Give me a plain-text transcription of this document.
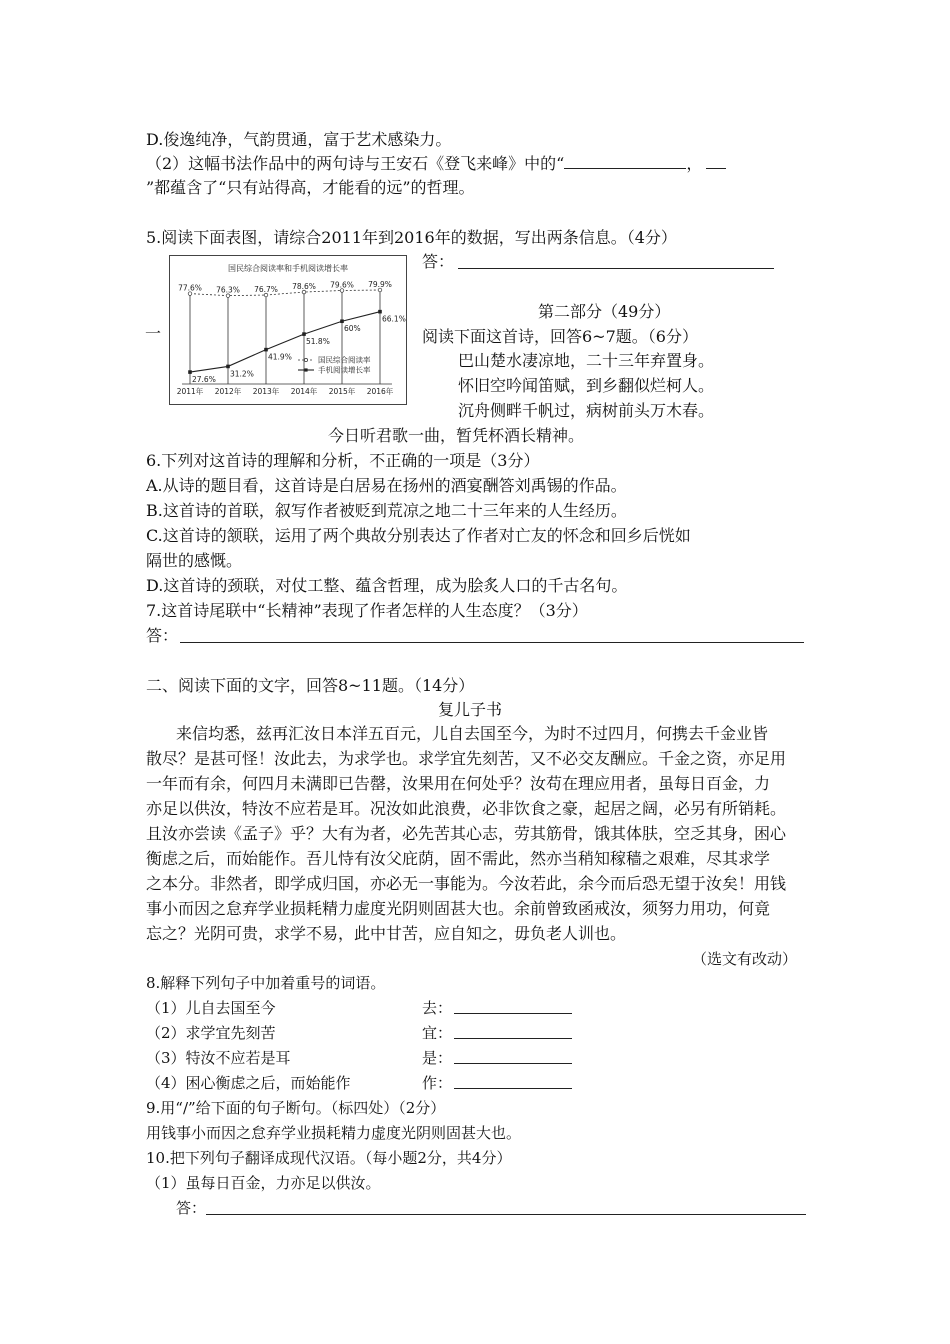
D.俊逸纯净，气韵贯通，富于艺术感染力。
（2）这幅书法作品中的两句诗与王安石《登飞来峰》中的“	，
”都蕴含了“只有站得高，才能看的远”的哲理。
5.阅读下面表图，请综合2011年到2016年的数据，写出两条信息。（4分）
答：
国民综合阅读率和手机阅读增长率
2011年 2012年 2013年 2014年 2015年 2016年
77.6% 76.3% 76.7% 78.6% 79.6% 79.9%
27.6%
31.2%
41.9%
51.8%
60%
66.1%
国民综合阅读率
手机阅读增长率
一
第二部分（49分）
阅读下面这首诗，回答6~7题。（6分）
巴山楚水凄凉地，二十三年弃置身。
怀旧空吟闻笛赋，到乡翻似烂柯人。
沉舟侧畔千帆过，病树前头万木春。
今日听君歌一曲，暂凭杯酒长精神。
6.下列对这首诗的理解和分析，不正确的一项是（3分）
A.从诗的题目看，这首诗是白居易在扬州的酒宴酬答刘禹锡的作品。
B.这首诗的首联，叙写作者被贬到荒凉之地二十三年来的人生经历。
C.这首诗的颔联，运用了两个典故分别表达了作者对亡友的怀念和回乡后恍如
隔世的感慨。
D.这首诗的颈联，对仗工整、蕴含哲理，成为脍炙人口的千古名句。
7.这首诗尾联中“长精神”表现了作者怎样的人生态度？（3分）
答：
二、阅读下面的文字，回答8~11题。（14分）
复儿子书
来信均悉，兹再汇汝日本洋五百元，儿自去国至今，为时不过四月，何携去千金业皆
散尽？是甚可怪！汝此去，为求学也。求学宜先刻苦，又不必交友酬应。千金之资，亦足用
一年而有余，何四月未满即已告罄，汝果用在何处乎？汝苟在理应用者，虽每日百金，力
亦足以供汝，特汝不应若是耳。况汝如此浪费，必非饮食之豪，起居之阔，必另有所销耗。
且汝亦尝读《孟子》乎？大有为者，必先苦其心志，劳其筋骨，饿其体肤，空乏其身，困心
衡虑之后，而始能作。吾儿恃有汝父庇荫，固不需此，然亦当稍知稼穑之艰难，尽其求学
之本分。非然者，即学成归国，亦必无一事能为。今汝若此，余今而后恐无望于汝矣！用钱
事小而因之怠弃学业损耗精力虚度光阴则固甚大也。余前曾致函戒汝，须努力用功，何竟
忘之？光阴可贵，求学不易，此中甘苦，应自知之，毋负老人训也。
（选文有改动）
8.解释下列句子中加着重号的词语。
（1）儿自去国至今	去：
（2）求学宜先刻苦	宜：
（3）特汝不应若是耳	是：
（4）困心衡虑之后，而始能作	作：
9.用“/”给下面的句子断句。（标四处）（2分）
用钱事小而因之怠弃学业损耗精力虚度光阴则固甚大也。
10.把下列句子翻译成现代汉语。（每小题2分，共4分）
（1）虽每日百金，力亦足以供汝。
答：
